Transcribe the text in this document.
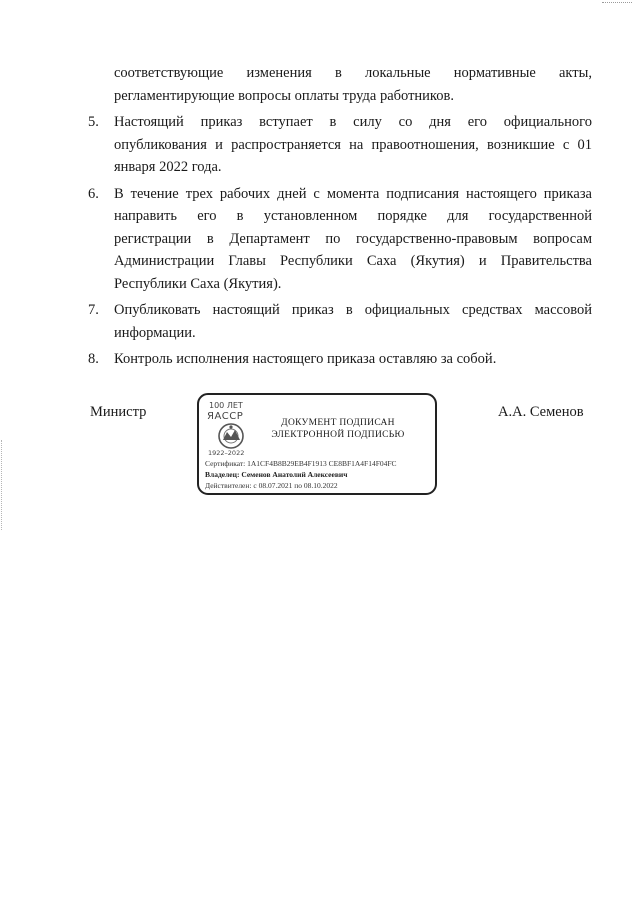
соответствующие изменения в локальные нормативные акты,
регламентирующие вопросы оплаты труда работников.
5.	Настоящий приказ вступает в силу со дня его официального
опубликования и распространяется на правоотношения, возникшие с 01
января 2022 года.
6.	В течение трех рабочих дней с момента подписания настоящего приказа
направить его в установленном порядке для государственной
регистрации в Департамент по государственно-правовым вопросам
Администрации Главы Республики Саха (Якутия) и Правительства
Республики Саха (Якутия).
7.	Опубликовать настоящий приказ в официальных средствах массовой
информации.
8.	Контроль исполнения настоящего приказа оставляю за собой.
Министр	А.А. Семенов
100 ЛЕТ
ЯАССР
1922–2022
ДОКУМЕНТ ПОДПИСАН
ЭЛЕКТРОННОЙ ПОДПИСЬЮ
Сертификат: 1A1CF4B8B29EB4F1913 CE8BF1A4F14F04FC
Владелец: Семенов Анатолий Алексеевич
Действителен: с 08.07.2021 по 08.10.2022
